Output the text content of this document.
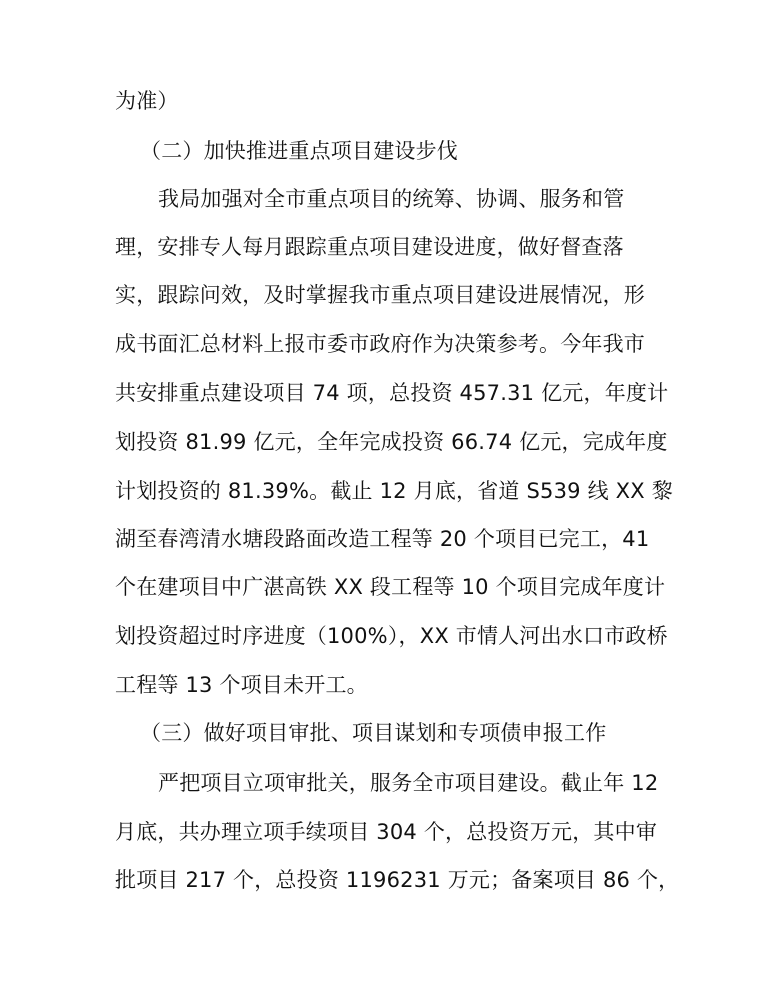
为准）
（二）加快推进重点项目建设步伐
我局加强对全市重点项目的统筹、协调、服务和管
理，安排专人每月跟踪重点项目建设进度，做好督查落
实，跟踪问效，及时掌握我市重点项目建设进展情况，形
成书面汇总材料上报市委市政府作为决策参考。今年我市
共安排重点建设项目 74 项，总投资 457.31 亿元，年度计
划投资 81.99 亿元，全年完成投资 66.74 亿元，完成年度
计划投资的 81.39%。截止 12 月底，省道 S539 线 XX 黎
湖至春湾清水塘段路面改造工程等 20 个项目已完工，41
个在建项目中广湛高铁 XX 段工程等 10 个项目完成年度计
划投资超过时序进度（100%），XX 市情人河出水口市政桥
工程等 13 个项目未开工。
（三）做好项目审批、项目谋划和专项债申报工作
严把项目立项审批关，服务全市项目建设。截止年 12
月底，共办理立项手续项目 304 个，总投资万元，其中审
批项目 217 个，总投资 1196231 万元；备案项目 86 个，
